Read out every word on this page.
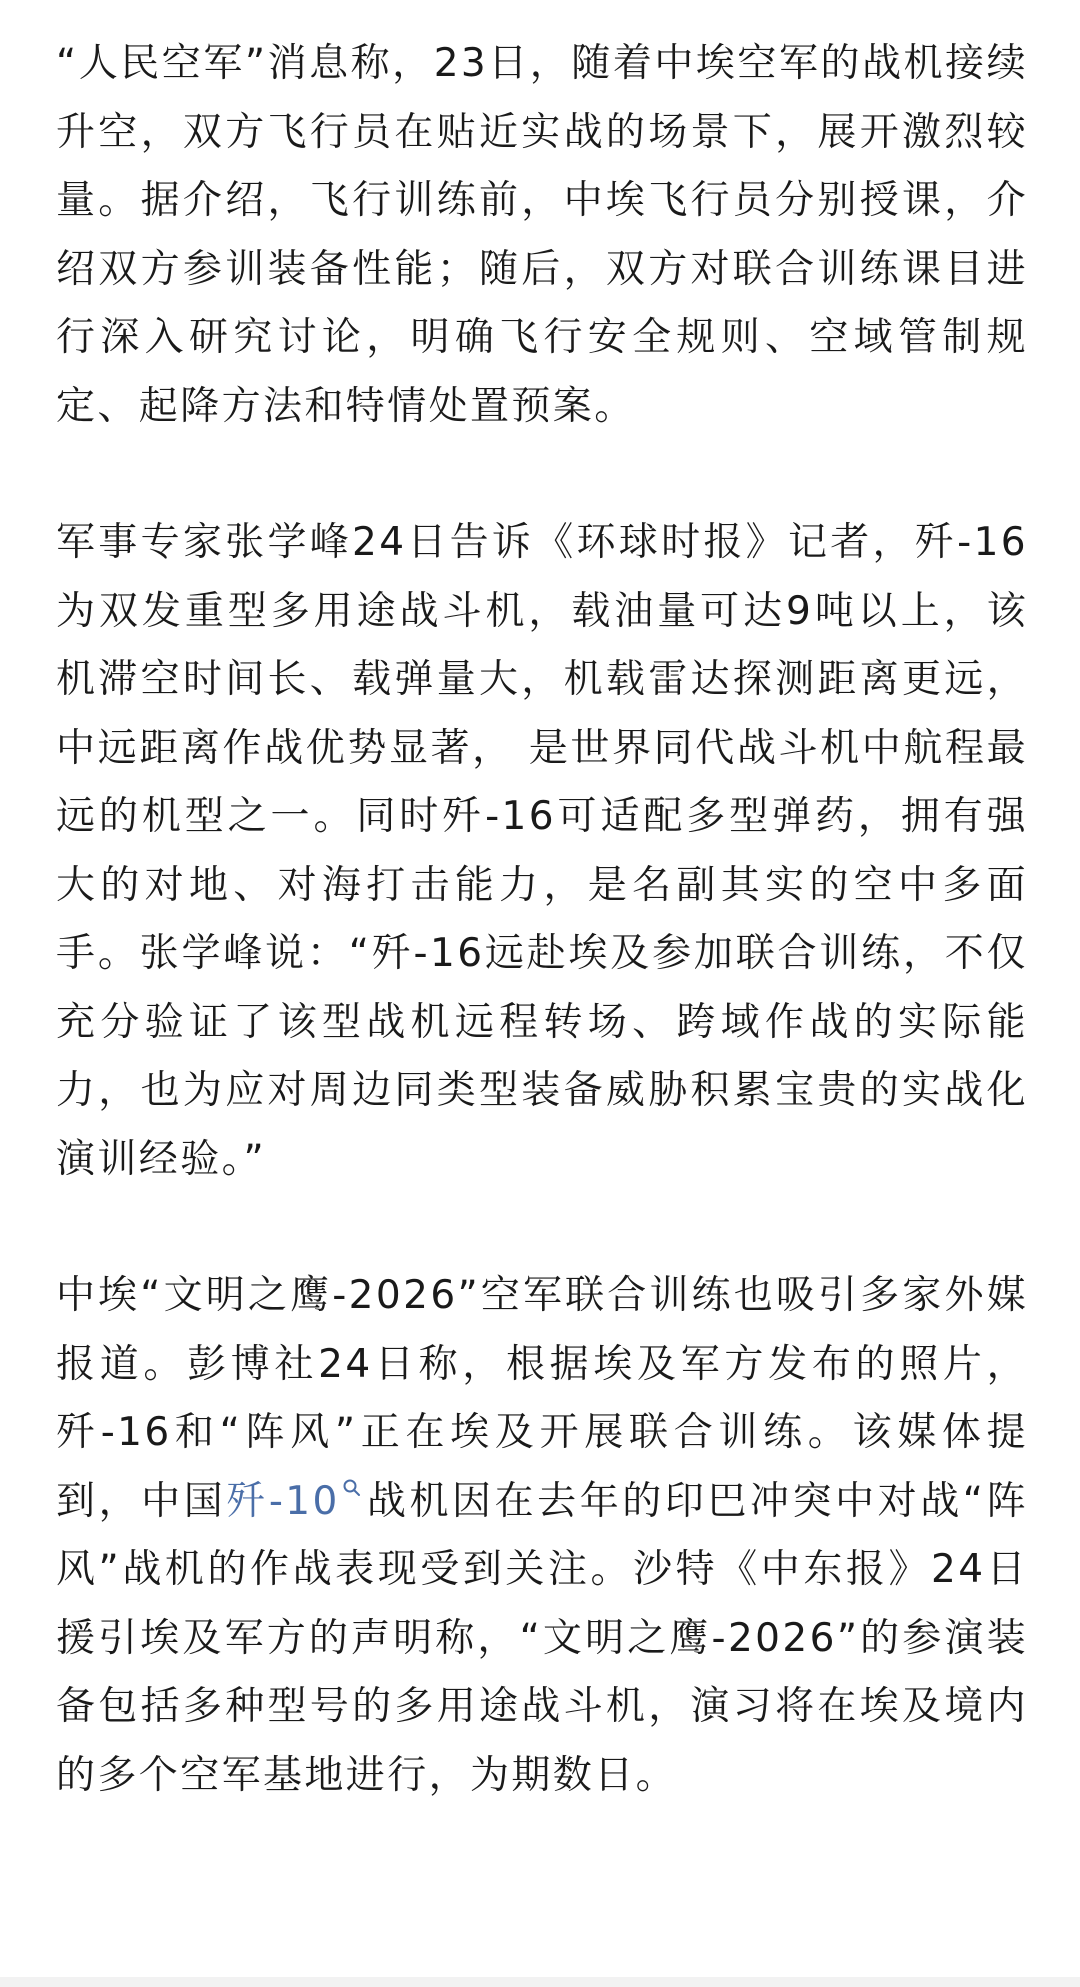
“人民空军”消息称，23日，随着中埃空军的战机接续升空，双方飞行员在贴近实战的场景下，展开激烈较量。据介绍，飞行训练前，中埃飞行员分别授课，介绍双方参训装备性能；随后，双方对联合训练课目进行深入研究讨论，明确飞行安全规则、空域管制规定、起降方法和特情处置预案。

军事专家张学峰24日告诉《环球时报》记者，歼-16为双发重型多用途战斗机，载油量可达9吨以上，该机滞空时间长、载弹量大，机载雷达探测距离更远，中远距离作战优势显著， 是世界同代战斗机中航程最远的机型之一。同时歼-16可适配多型弹药，拥有强大的对地、对海打击能力，是名副其实的空中多面手。张学峰说：“歼-16远赴埃及参加联合训练，不仅充分验证了该型战机远程转场、跨域作战的实际能力，也为应对周边同类型装备威胁积累宝贵的实战化演训经验。”

中埃“文明之鹰-2026”空军联合训练也吸引多家外媒报道。彭博社24日称，根据埃及军方发布的照片，歼-16和“阵风”正在埃及开展联合训练。该媒体提到，中国歼-10 战机因在去年的印巴冲突中对战“阵风”战机的作战表现受到关注。沙特《中东报》24日援引埃及军方的声明称，“文明之鹰-2026”的参演装备包括多种型号的多用途战斗机，演习将在埃及境内的多个空军基地进行，为期数日。
